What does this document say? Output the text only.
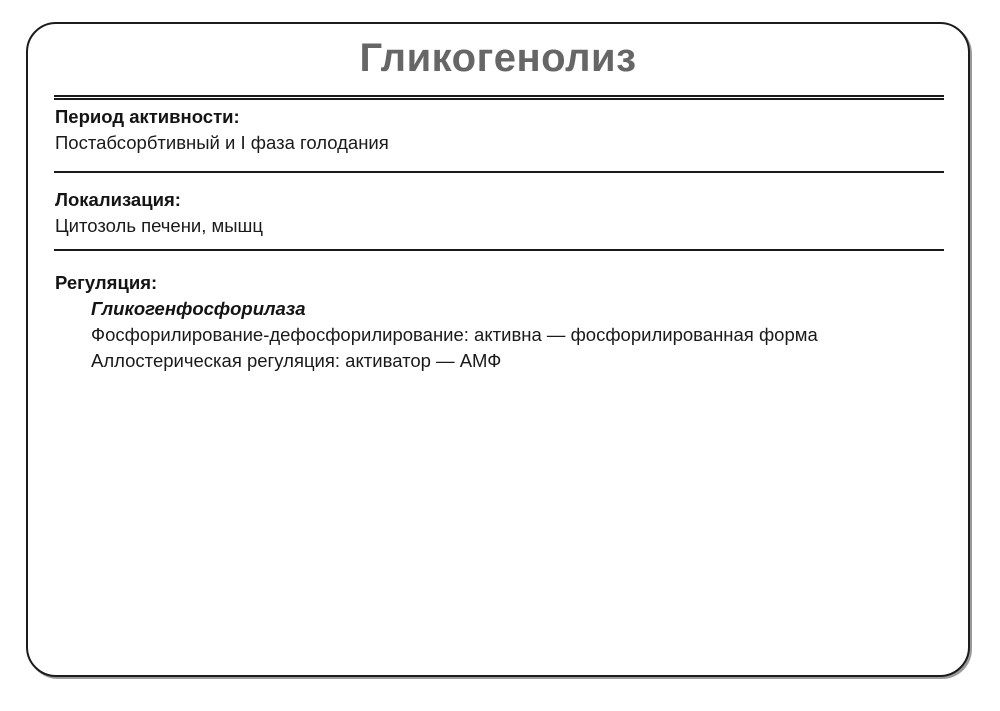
Гликогенолиз
Период активности:
Постабсорбтивный и I фаза голодания
Локализация:
Цитозоль печени, мышц
Регуляция:
Гликогенфосфорилаза
Фосфорилирование-дефосфорилирование: активна — фосфорилированная форма
Аллостерическая регуляция: активатор — АМФ
